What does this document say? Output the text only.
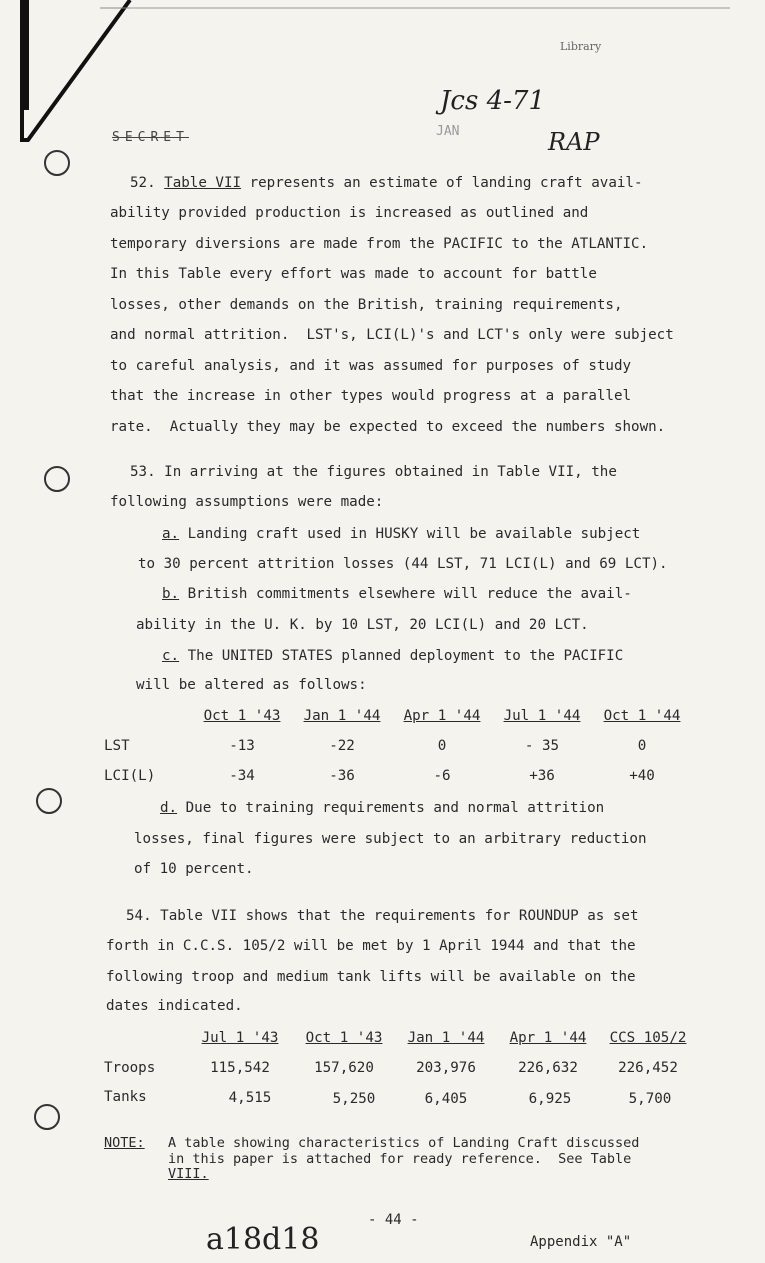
Library
Jcs 4-71
JAN	RAP
SECRET
52. Table VII represents an estimate of landing craft avail-
ability provided production is increased as outlined and
temporary diversions are made from the PACIFIC to the ATLANTIC.
In this Table every effort was made to account for battle
losses, other demands on the British, training requirements,
and normal attrition.  LST's, LCI(L)'s and LCT's only were subject
to careful analysis, and it was assumed for purposes of study
that the increase in other types would progress at a parallel
rate.  Actually they may be expected to exceed the numbers shown.
53. In arriving at the figures obtained in Table VII, the
following assumptions were made:
a. Landing craft used in HUSKY will be available subject
to 30 percent attrition losses (44 LST, 71 LCI(L) and 69 LCT).
b. British commitments elsewhere will reduce the avail-
ability in the U. K. by 10 LST, 20 LCI(L) and 20 LCT.
c. The UNITED STATES planned deployment to the PACIFIC
will be altered as follows:
Oct 1 '43	Jan 1 '44	Apr 1 '44	Jul 1 '44	Oct 1 '44
LST	-13	-22	0	- 35	0
LCI(L)	-34	-36	-6	+36	+40
d. Due to training requirements and normal attrition
losses, final figures were subject to an arbitrary reduction
of 10 percent.
54. Table VII shows that the requirements for ROUNDUP as set
forth in C.C.S. 105/2 will be met by 1 April 1944 and that the
following troop and medium tank lifts will be available on the
dates indicated.
Jul 1 '43	Oct 1 '43	Jan 1 '44	Apr 1 '44	CCS 105/2
Troops	115,542	157,620	203,976	226,632	226,452
Tanks	4,515	5,250	6,405	6,925	5,700
NOTE: A table showing characteristics of Landing Craft discussed
in this paper is attached for ready reference.  See Table
VIII.
- 44 -
a18d18	Appendix "A"
